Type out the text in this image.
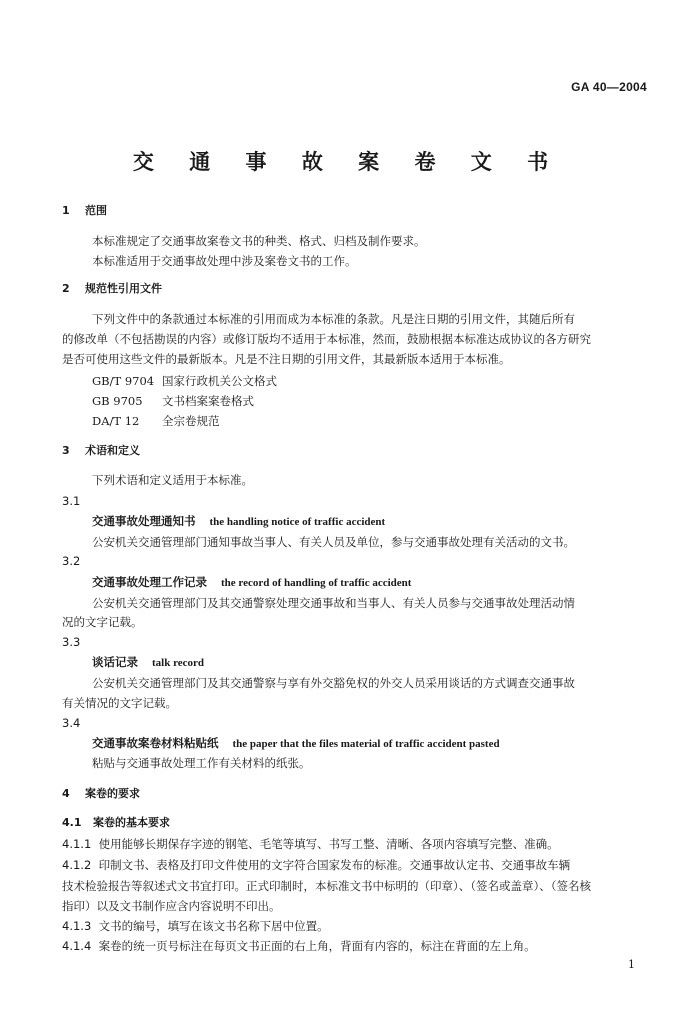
GA 40—2004
交 通 事 故 案 卷 文 书
1 范围
本标准规定了交通事故案卷文书的种类、格式、归档及制作要求。
本标准适用于交通事故处理中涉及案卷文书的工作。
2 规范性引用文件
下列文件中的条款通过本标准的引用而成为本标准的条款。凡是注日期的引用文件，其随后所有
的修改单（不包括勘误的内容）或修订版均不适用于本标准，然而，鼓励根据本标准达成协议的各方研究
是否可使用这些文件的最新版本。凡是不注日期的引用文件，其最新版本适用于本标准。
GB/T 9704 国家行政机关公文格式
GB 9705 文书档案案卷格式
DA/T 12 全宗卷规范
3 术语和定义
下列术语和定义适用于本标准。
3.1
交通事故处理通知书 the handling notice of traffic accident
公安机关交通管理部门通知事故当事人、有关人员及单位，参与交通事故处理有关活动的文书。
3.2
交通事故处理工作记录 the record of handling of traffic accident
公安机关交通管理部门及其交通警察处理交通事故和当事人、有关人员参与交通事故处理活动情
况的文字记载。
3.3
谈话记录 talk record
公安机关交通管理部门及其交通警察与享有外交豁免权的外交人员采用谈话的方式调查交通事故
有关情况的文字记载。
3.4
交通事故案卷材料粘贴纸 the paper that the files material of traffic accident pasted
粘贴与交通事故处理工作有关材料的纸张。
4 案卷的要求
4.1 案卷的基本要求
4.1.1 使用能够长期保存字迹的钢笔、毛笔等填写、书写工整、清晰、各项内容填写完整、准确。
4.1.2 印制文书、表格及打印文件使用的文字符合国家发布的标准。交通事故认定书、交通事故车辆
技术检验报告等叙述式文书宜打印。正式印制时，本标准文书中标明的（印章）、（签名或盖章）、（签名核
指印）以及文书制作应含内容说明不印出。
4.1.3 文书的编号，填写在该文书名称下居中位置。
4.1.4 案卷的统一页号标注在每页文书正面的右上角，背面有内容的，标注在背面的左上角。
1
